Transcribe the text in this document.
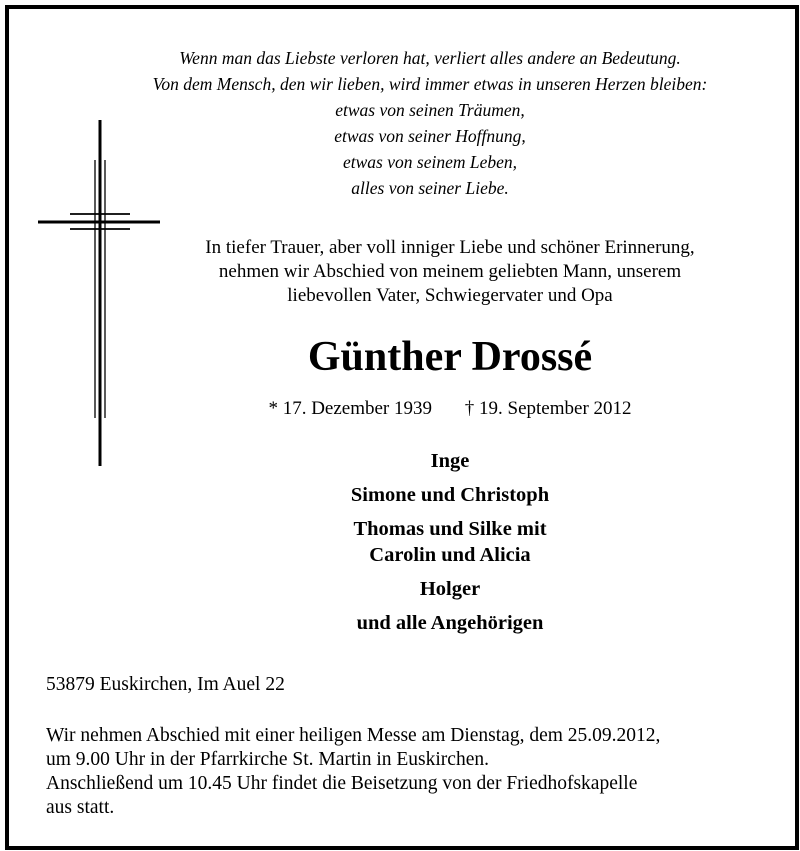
Wenn man das Liebste verloren hat, verliert alles andere an Bedeutung.
Von dem Mensch, den wir lieben, wird immer etwas in unseren Herzen bleiben:
etwas von seinen Träumen,
etwas von seiner Hoffnung,
etwas von seinem Leben,
alles von seiner Liebe.
In tiefer Trauer, aber voll inniger Liebe und schöner Erinnerung,
nehmen wir Abschied von meinem geliebten Mann, unserem
liebevollen Vater, Schwiegervater und Opa
Günther Drossé
* 17. Dezember 1939 † 19. September 2012
Inge
Simone und Christoph
Thomas und Silke mit
Carolin und Alicia
Holger
und alle Angehörigen
53879 Euskirchen, Im Auel 22
Wir nehmen Abschied mit einer heiligen Messe am Dienstag, dem 25.09.2012,
um 9.00 Uhr in der Pfarrkirche St. Martin in Euskirchen.
Anschließend um 10.45 Uhr findet die Beisetzung von der Friedhofskapelle
aus statt.
